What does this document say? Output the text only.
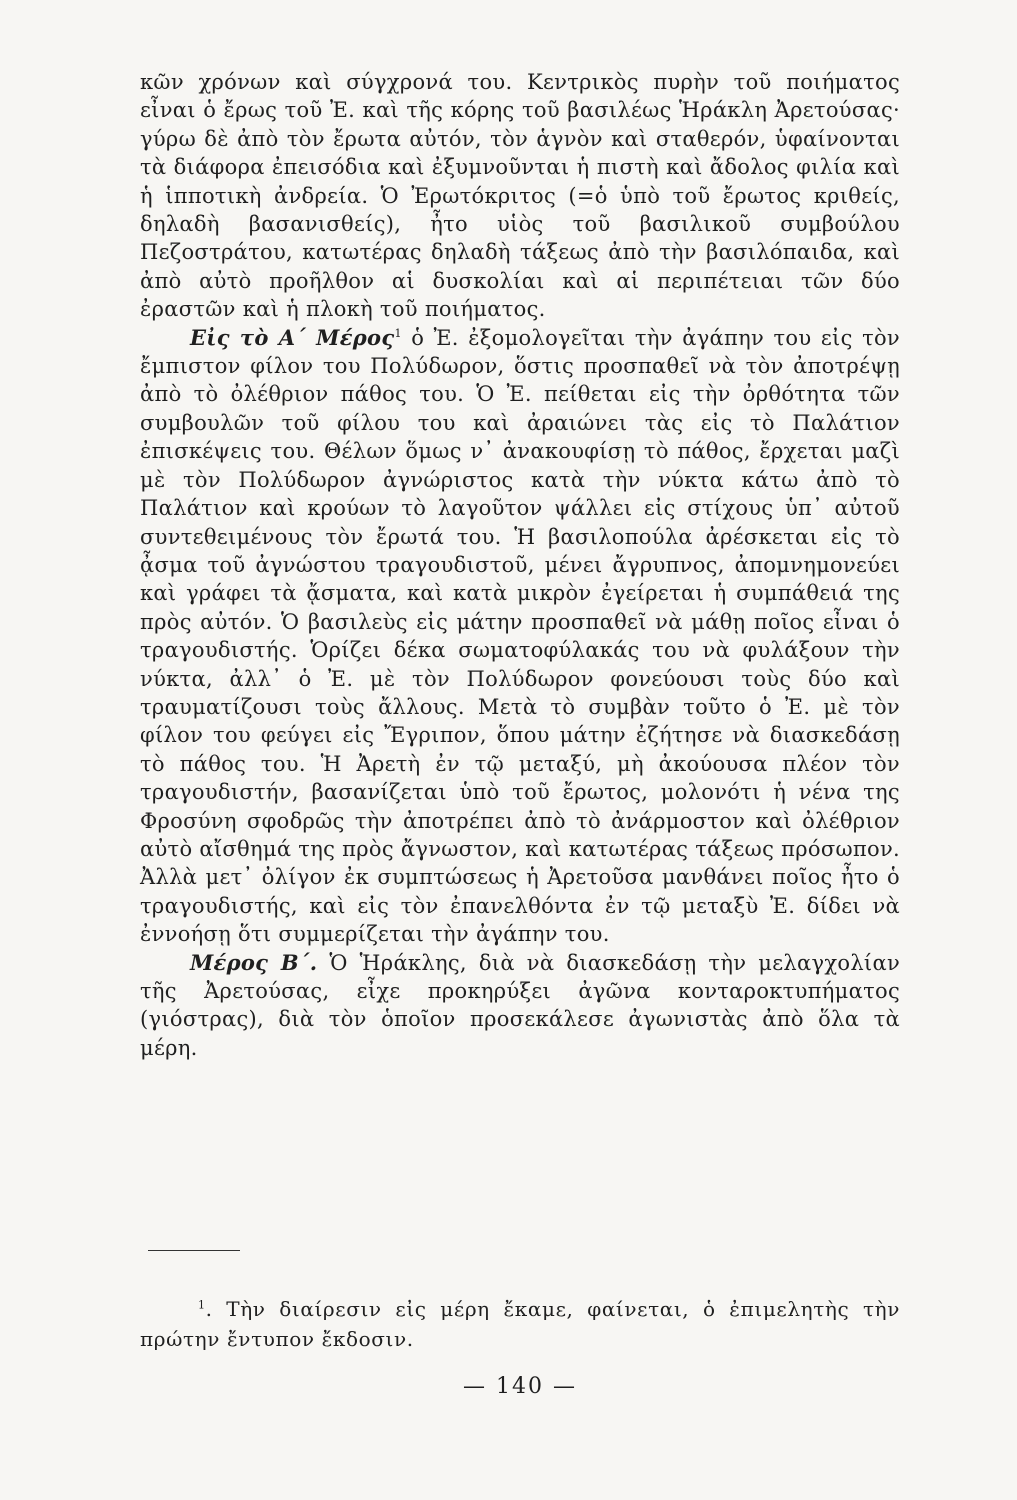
κῶν χρόνων καὶ σύγχρονά του. Κεντρικὸς πυρὴν τοῦ ποιήματος εἶναι ὁ ἔρως τοῦ Ἐ. καὶ τῆς κόρης τοῦ βασιλέως Ἡράκλη Ἀρετούσας· γύρω δὲ ἀπὸ τὸν ἔρωτα αὐτόν, τὸν ἁγνὸν καὶ σταθερόν, ὑφαίνονται τὰ διάφορα ἐπεισόδια καὶ ἐξυμνοῦνται ἡ πιστὴ καὶ ἄδολος φιλία καὶ ἡ ἱπποτικὴ ἀνδρεία. Ὁ Ἐρωτόκριτος (=ὁ ὑπὸ τοῦ ἔρωτος κριθείς, δηλαδὴ βασανισθείς), ἦτο υἱὸς τοῦ βασιλικοῦ συμβούλου Πεζοστράτου, κατωτέρας δηλαδὴ τάξεως ἀπὸ τὴν βασιλόπαιδα, καὶ ἀπὸ αὐτὸ προῆλθον αἱ δυσκολίαι καὶ αἱ περιπέτειαι τῶν δύο ἐραστῶν καὶ ἡ πλοκὴ τοῦ ποιήματος.

Εἰς τὸ Α΄ Μέρος$^1$ ὁ Ἐ. ἐξομολογεῖται τὴν ἀγάπην του εἰς τὸν ἔμπιστον φίλον του Πολύδωρον, ὅστις προσπαθεῖ νὰ τὸν ἀποτρέψῃ ἀπὸ τὸ ὀλέθριον πάθος του. Ὁ Ἐ. πείθεται εἰς τὴν ὀρθότητα τῶν συμβουλῶν τοῦ φίλου του καὶ ἀραιώνει τὰς εἰς τὸ Παλάτιον ἐπισκέψεις του. Θέλων ὅμως ν᾿ ἀνακουφίσῃ τὸ πάθος, ἔρχεται μαζὶ μὲ τὸν Πολύδωρον ἀγνώριστος κατὰ τὴν νύκτα κάτω ἀπὸ τὸ Παλάτιον καὶ κρούων τὸ λαγοῦτον ψάλλει εἰς στίχους ὑπ᾿ αὐτοῦ συντεθειμένους τὸν ἔρωτά του. Ἡ βασιλοπούλα ἀρέσκεται εἰς τὸ ᾆσμα τοῦ ἀγνώστου τραγουδιστοῦ, μένει ἄγρυπνος, ἀπομνημονεύει καὶ γράφει τὰ ᾄσματα, καὶ κατὰ μικρὸν ἐγείρεται ἡ συμπάθειά της πρὸς αὐτόν. Ὁ βασιλεὺς εἰς μάτην προσπαθεῖ νὰ μάθῃ ποῖος εἶναι ὁ τραγουδιστής. Ὁρίζει δέκα σωματοφύλακάς του νὰ φυλάξουν τὴν νύκτα, ἀλλ᾿ ὁ Ἐ. μὲ τὸν Πολύδωρον φονεύουσι τοὺς δύο καὶ τραυματίζουσι τοὺς ἄλλους. Μετὰ τὸ συμβὰν τοῦτο ὁ Ἐ. μὲ τὸν φίλον του φεύγει εἰς Ἔγριπον, ὅπου μάτην ἐζήτησε νὰ διασκεδάσῃ τὸ πάθος του. Ἡ Ἀρετὴ ἐν τῷ μεταξύ, μὴ ἀκούουσα πλέον τὸν τραγουδιστήν, βασανίζεται ὑπὸ τοῦ ἔρωτος, μολονότι ἡ νένα της Φροσύνη σφοδρῶς τὴν ἀποτρέπει ἀπὸ τὸ ἀνάρμοστον καὶ ὀλέθριον αὐτὸ αἴσθημά της πρὸς ἄγνωστον, καὶ κατωτέρας τάξεως πρόσωπον. Ἀλλὰ μετ᾿ ὀλίγον ἐκ συμπτώσεως ἡ Ἀρετοῦσα μανθάνει ποῖος ἦτο ὁ τραγουδιστής, καὶ εἰς τὸν ἐπανελθόντα ἐν τῷ μεταξὺ Ἐ. δίδει νὰ ἐννοήσῃ ὅτι συμμερίζεται τὴν ἀγάπην του.

Μέρος Β΄. Ὁ Ἡράκλης, διὰ νὰ διασκεδάσῃ τὴν μελαγχολίαν τῆς Ἀρετούσας, εἶχε προκηρύξει ἀγῶνα κονταροκτυπήματος (γιόστρας), διὰ τὸν ὁποῖον προσεκάλεσε ἀγωνιστὰς ἀπὸ ὅλα τὰ μέρη.

$^1$. Τὴν διαίρεσιν εἰς μέρη ἔκαμε, φαίνεται, ὁ ἐπιμελητὴς τὴν πρώτην ἔντυπον ἔκδοσιν.
— 140 —
